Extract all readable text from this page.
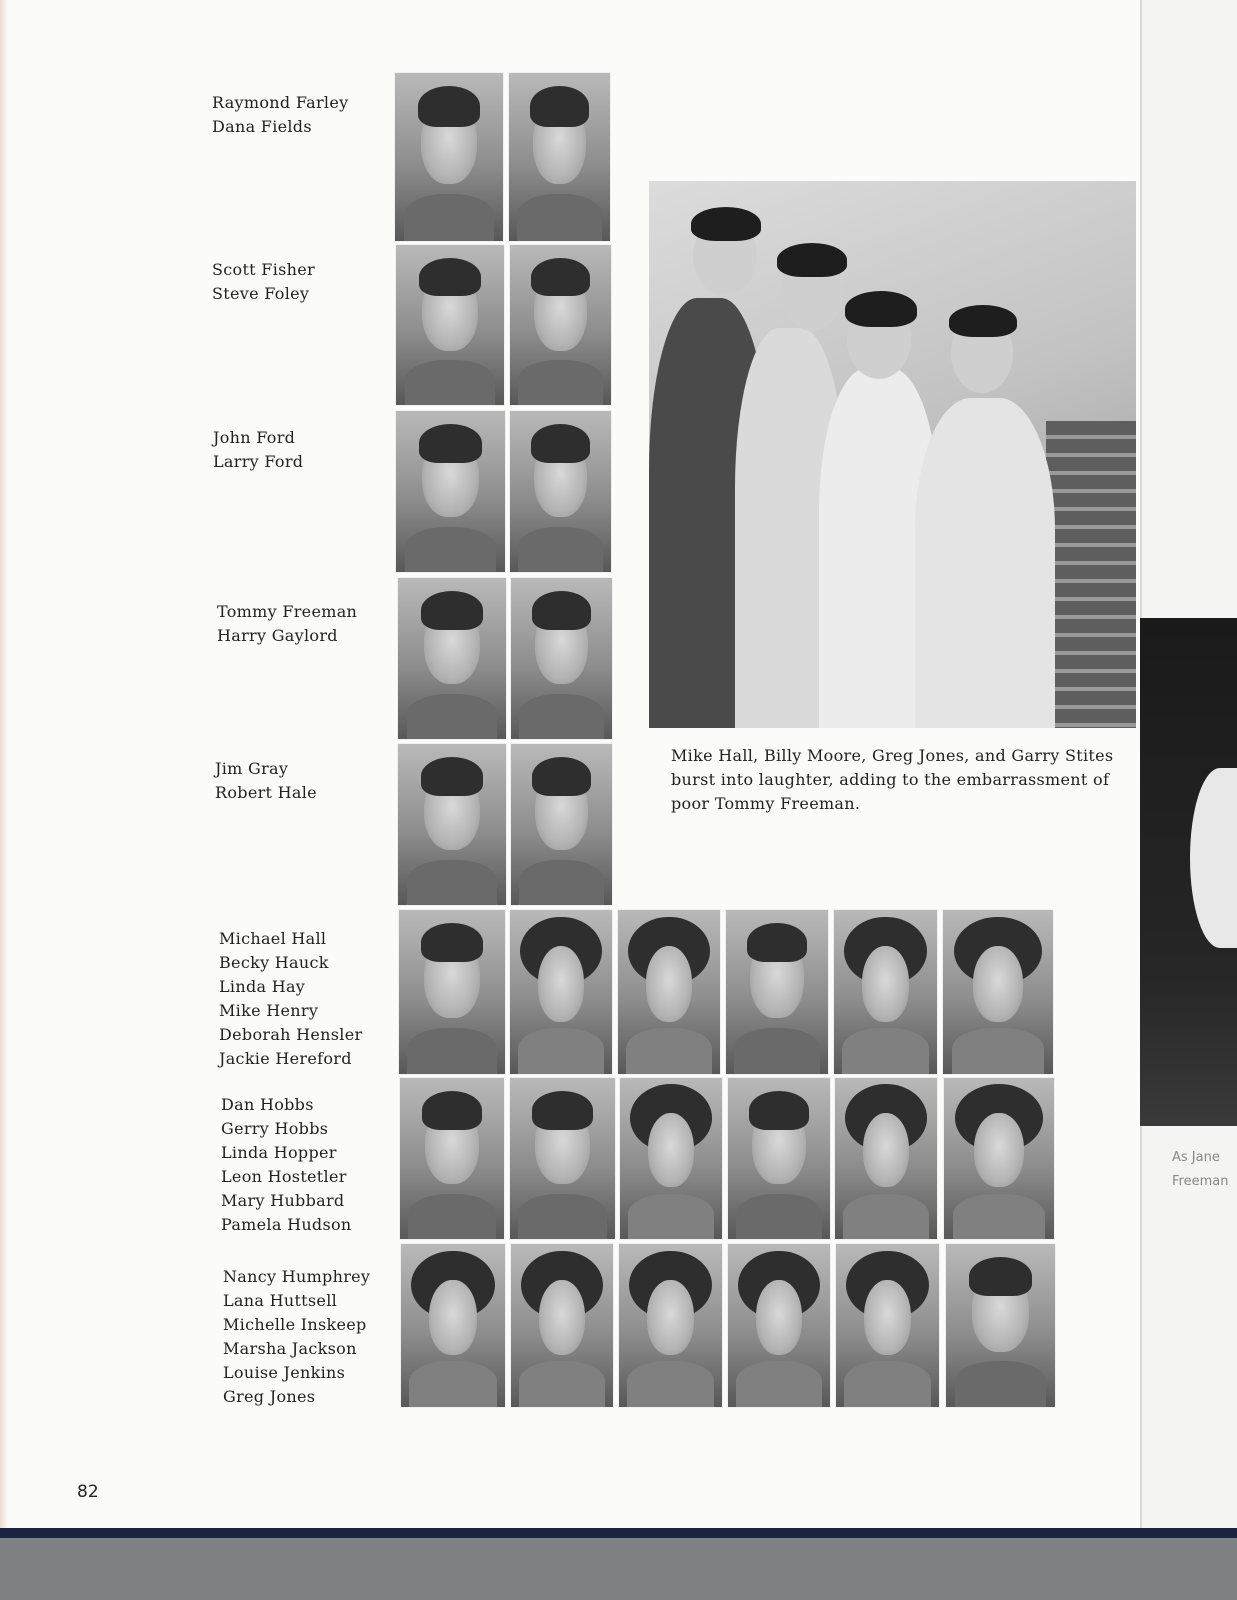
Raymond Farley
Dana Fields
Scott Fisher
Steve Foley
John Ford
Larry Ford
Tommy Freeman
Harry Gaylord
Jim Gray
Robert Hale
Michael Hall
Becky Hauck
Linda Hay
Mike Henry
Deborah Hensler
Jackie Hereford
Dan Hobbs
Gerry Hobbs
Linda Hopper
Leon Hostetler
Mary Hubbard
Pamela Hudson
Nancy Humphrey
Lana Huttsell
Michelle Inskeep
Marsha Jackson
Louise Jenkins
Greg Jones

Mike Hall, Billy Moore, Greg Jones, and Garry Stites burst into laughter, adding to the embarrassment of poor Tommy Freeman.

82
As Jane
Freeman
